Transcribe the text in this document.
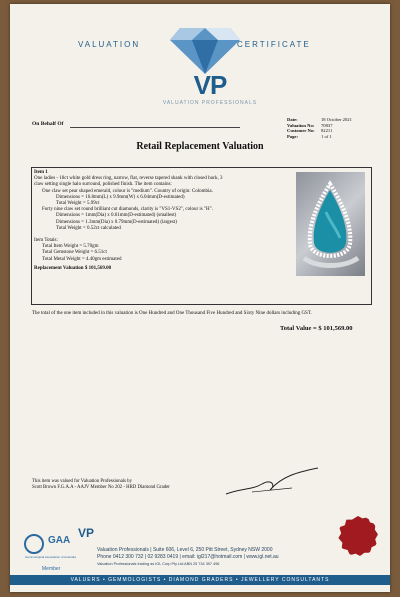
VALUATION	CERTIFICATE
VP
VALUATION PROFESSIONALS
On Behalf Of
Date:	18 October 2021
Valuation No: 70837
Customer No: 82211
Page:	1 of 1
Retail Replacement Valuation
Item 1
One ladies - 18ct white gold dress ring, narrow, flat, reverse tapered shank with closed back, 3
claw setting single halo surround, polished finish. The item contains:
One claw set pear shaped emerald, colour is "medium". Country of origin: Colombia.
Dimensions = 16.8mm(L) x 9.9mm(W) x 6.04mm(D-estimated)
Total Weight = 5.99ct
Forty nine claw set round brilliant cut diamonds, clarity is "VS1-VS2", colour is "H".
Dimensions = 1mm(Dia) x 0.61mm(D-estimated) (smallest)
Dimensions = 1.3mm(Dia) x 0.79mm(D-estimated) (largest)
Total Weight = 0.52ct calculated
Item Totals:
Total Item Weight = 5.70gm
Total Gemstone Weight = 6.51ct
Total Metal Weight = 4.40gm estimated
Replacement Valuation $ 101,569.00
The total of the one item included in this valuation is One Hundred and One Thousand Five Hundred and Sixty Nine dollars including GST.
Total Value = $ 101,569.00
This item was valued for Valuation Professionals by
Scott Brown F.G.A.A - AAJV Member No 202 - HRD Diamond Grader
GAA
Gemmological Association of Australia
Member
VP
Valuation Professionals | Suite 606, Level 6, 250 Pitt Street, Sydney NSW 2000
Phone 0412 300 732 | 02 9283 0419 | email: igl217@hotmail.com | www.igl.net.au
Valuation Professionals trading as IGL Corp Pty Ltd ABN 25 734 397 496
VALUERS • GEMMOLOGISTS • DIAMOND GRADERS • JEWELLERY CONSULTANTS
